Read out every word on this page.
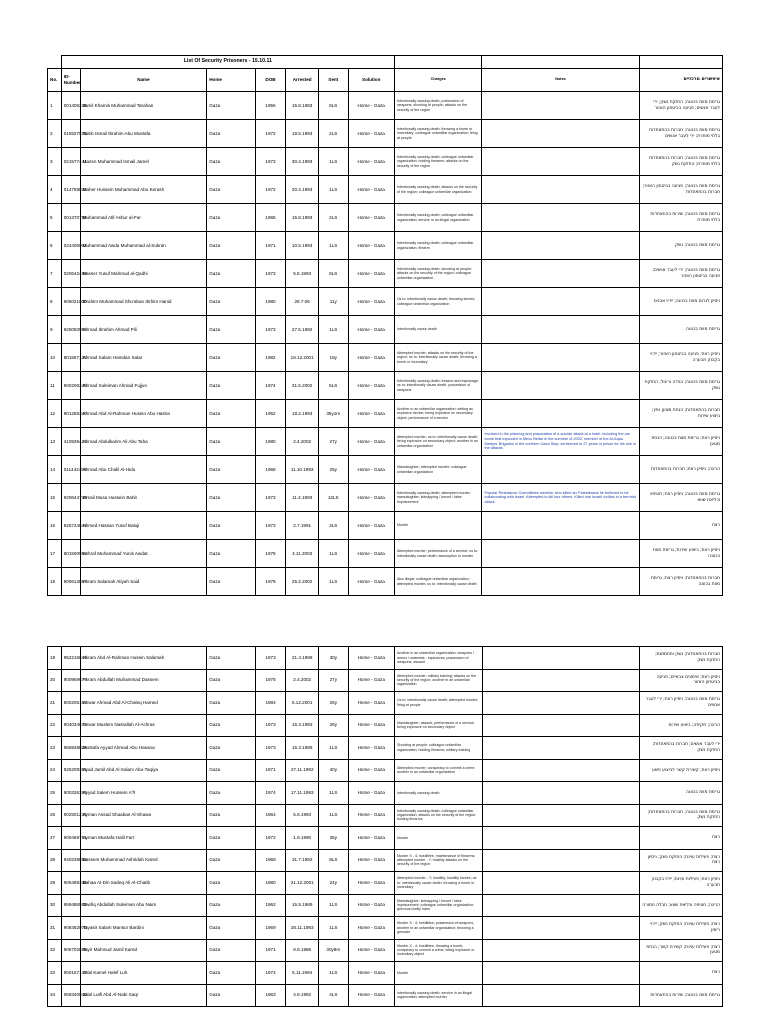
	List Of Security Prisoners - 15.10.11									
No.	ID-Number	Name	Home	DOB	Arrested	Sent	Solution	Charges	Notes	איפשרים מרכזיים
1	001406236	Jamil Khamis Muhammad Tarahan	Gaza	1956	15.8.1983	8LS	Home - Gaza	Intentionally causing death; possession of weapons; shooting at people; attacks on the security of the region		גרימת מוות בכוונה; החזקת נשק; ירי לעבר אנשים; פגיעה בביטחון האזור
2	015527535	Taleb Ismail Ibrahim Abu Mustafa	Gaza	1972	18.5.1993	2LS	Home - Gaza	Intentionally causing death; throwing a bomb or incendiary; colleague unfamiliar organization; firing at people		גרימת מוות בכוונה; חברות בהתאחדות בלתי מותרת; ירי לעבר אנשים
3	021577441	Mazen Muhammad Ismail Jamel	Gaza	1973	30.4.1993	1LS	Home - Gaza	Intentionally causing death; colleague unfamiliar organization; holding firearms; attacks on the security of the region		גרימת מוות בכוונה; חברות בהתאחדות בלתי מותרת; החזקת נשק
4	014759826	Maher Hussein Muhammad Abu Kerash	Gaza	1972	20.4.1993	1LS	Home - Gaza	Intentionally causing death; attacks on the security of the region; colleague unfamiliar organization		גרימת מוות בכוונה; פגיעה בביטחון האזור; חברות בהתאחדות
5	001370755	Muhammad Atif Ashur al-Far	Gaza	1965	15.8.1993	2LS	Home - Gaza	Intentionally causing death; colleague unfamiliar organization; service in an illegal organization		גרימת מוות בכוונה; שירות בהתאחדות בלתי מותרת
6	024405902	Muhammad Awda Muhammad al-Sukran	Gaza	1971	10.5.1993	1LS	Home - Gaza	Intentionally causing death; colleague unfamiliar organization; firearm		גרימת מוות בכוונה; נשק
7	020642460	Nasser Yusuf Mahmud al-Qadhi	Gaza	1973	5.6.1993	8LS	Home - Gaza	Intentionally causing death; shooting at people; attacks on the security of the region; colleague unfamiliar organization		גרימת מוות בכוונה; ירי לעבר אנשים; פגיעה בביטחון האזור
8	905021800	Ibrahim Muhammad Shu'aban Ibrhim Hanid	Gaza	1980	28.7.06	11y	Home - Gaza	Us to: intentionally cause death; throwing stones; colleague unfamiliar organization		ניסיון לגרום מוות בכוונה; יידוי אבנים
9	925050996	Ahmad Ibrahim Ahmad Pili	Gaza	1973	27.5.1992	1LS	Home - Gaza	Intentionally cause death		גרימת מוות בכוונה
10	901567135	Ahmad Salam Hamdan Salar	Gaza	1982	18.12.2001	18y	Home - Gaza	Attempted murder; attacks on the security of the region; us to: intentionally cause death; throwing a bomb or incendiary		ניסיון רצח; פגיעה בביטחון האזור; יידוי בקבוק תבערה
11	900206245	Ahmad Suleiman Ahmad Fujjun	Gaza	1974	31.5.2002	5LS	Home - Gaza	Intentionally causing death; treason and espionage; us to: intentionally cause death; possession of weapons		גרימת מוות בכוונה; בגידה וריגול; החזקת נשק
12	901285340	Ahmad Abd Al-Rahman Husein Abu Hasira	Gaza	1952	18.2.1993	35y1m	Home - Gaza	Another in an unfamiliar organization; setting an explosive device; being explosive on secondary object; performance of a service		חברות בהתאחדות; הנחת מטען נפץ; ביצוע שירות
13	410938421	Ahmad Abdulkarim Ali Abu Taha	Gaza	1980	2.4.2002	27y	Home - Gaza	Attempted murder; us to: intentionally cause death; being explosive on secondary object; another in an unfamiliar organization	Involved in the planning and preparation of a suicide attack at a hotel; including the car bomb that exploded in Mevo Beitar in the summer of 2002; member of the Al-Aqsa Martyrs' Brigades in the northern Gaza Strip; sentenced to 27 years in prison for his role in the attacks	ניסיון רצח; גרימת מוות בכוונה; הנחת מטען
14	011442450	Ahmad Abu Chalil Al-Hidu	Gaza	1969	11.10.1993	25y	Home - Gaza	Manslaughter; attempted murder; colleague unfamiliar organization		הריגה; ניסיון רצח; חברות בהתאחדות
15	920644739	Ismail Musa Hussein Bahit	Gaza	1973	11.4.1993	12LS	Home - Gaza	Intentionally causing death; attempted murder; manslaughter; kidnapping / forced / false imprisonment	Popular Resistance Committees member who killed six Palestinians he believed to be collaborating with Israel. Attempted to kill four others. Killed one Israeli civilian in a terrorist attack.	גרימת מוות בכוונה; ניסיון רצח; חטיפה וכליאת שווא
16	925724841	Ahmed Hassan Yusuf Baluji	Gaza	1973	2.7.1991	3LS	Home - Gaza	Murder		רצח
17	901500952	Ashraf Muhammad Yunis Awdat	Gaza	1979	4.11.2003	1LS	Home - Gaza	Attempted murder; performance of a service; us to: intentionally cause death; assumption to murder		ניסיון רצח; ביצוע שירות; גרימת מוות בכוונה
18	900613867	Akram Salamah Aliyah Said	Gaza	1979	25.2.2002	1LS	Home - Gaza	Also illegal; colleague unfamiliar organization; attempted murder; us to: intentionally cause death		חברות בהתאחדות; ניסיון רצח; גרימת מוות בכוונה
19	952216844	Akram Abd Al-Rahman Husein Salamah	Gaza	1973	21.4.1998	30y	Home - Gaza	Another in an unfamiliar organization; weapons / ammo / materials - explosives; possession of weapons; assault		חברות בהתאחדות; נשק ותחמושת; החזקת נשק
20	900959677	Akram Abdullah Muhammad Dassem	Gaza	1976	2.4.2002	27y	Home - Gaza	Attempted murder; military training; attacks on the security of the region; another in an unfamiliar organization		ניסיון רצח; אימונים צבאיים; פגיעה בביטחון האזור
21	800205163	Anwar Ahmad Abd Al-Chaleq Hamed	Gaza	1984	5.12.2001	26y	Home - Gaza	Us to: intentionally cause death; attempted murder; firing at people		גרימת מוות בכוונה; ניסיון רצח; ירי לעבר אנשים
22	904034673	Anwar Muslem Nasrallah Al-Achras	Gaza	1973	16.3.1993	26y	Home - Gaza	Manslaughter; assault; performance of a service; being explosive on secondary object		הריגה; תקיפה; ביצוע שירות
23	955948826	Mustafa Ayyad Ahmad Abu Hasana	Gaza	1973	15.3.1989	1LS	Home - Gaza	Shooting at people; colleague unfamiliar organization; holding firearms; military training		ירי לעבר אנשים; חברות בהתאחדות; החזקת נשק
24	925209355	Ayad Jamil Abd Al-Salam Abu-Taqiya	Gaza	1971	27.11.1992	40y	Home - Gaza	Attempted murder; conspiracy to commit a crime; another in an unfamiliar organization		ניסיון רצח; קשירת קשר לביצוע פשע
25	900326395	Ayyad Salem Hussein A'fr	Gaza	1974	17.11.1993	1LS	Home - Gaza	Intentionally causing death		גרימת מוות בכוונה
26	902501236	Ayman Assad Shaaban Al-Shawa	Gaza	1964	5.6.1993	1LS	Home - Gaza	Intentionally causing death; colleague unfamiliar organization; attacks on the security of the region; holding firearms		גרימת מוות בכוונה; חברות בהתאחדות; החזקת נשק
27	900469751	Ayman Mustafa Halil Farr	Gaza	1972	1.6.1990	35y	Home - Gaza	Murder		רצח
28	940238853	Bassem Muhammad Ashridah Kared	Gaza	1968	31.7.1992	8LS	Home - Gaza	Murder X - 4; hostilities; maintenance of firearms; attempted murder - Y; hostility attacks on the security of the region		רצח; פעילות עוינת; החזקת נשק; ניסיון רצח
29	905469336	Bahaa Al-Din Sadeq Ali Al-Chatib	Gaza	1980	21.12.2001	24y	Home - Gaza	Attempted murder - Y; hostility; hostility stones; us to: intentionally cause death; throwing a bomb or incendiary		ניסיון רצח; פעילות עוינת; יידוי בקבוק תבערה
30	959486592	Tawfiq Abdallah Suleiman Abu Naim	Gaza	1962	15.5.1989	1LS	Home - Gaza	Manslaughter; kidnapping / forced / false imprisonment; colleague unfamiliar organization; grievous bodily harm		הריגה; חטיפה וכליאת שווא; חבלה חמורה
31	908462070	Tayasir Salam Mansur Bardini	Gaza	1969	28.11.1993	1LS	Home - Gaza	Murder X - 4; hostilities; possession of weapons; another in an unfamiliar organization; throwing a grenade		רצח; פעילות עוינת; החזקת נשק; יידוי רימון
32	905702695	Tayir Mahmud Jamil Kared	Gaza	1971	8.8.1986	30y8m	Home - Gaza	Murder X - 4; hostilities; throwing a bomb; conspiracy to commit a crime; being explosive or incendiary object		רצח; פעילות עוינת; קשירת קשר; הנחת מטען
33	900157147	Jalal Kamel Halef Luh	Gaza	1974	5.11.1994	1LS	Home - Gaza	Murder		רצח
34	059340940	Jalal Lutfi Abd Al-Nabi Saqr	Gaza	1963	4.8.1992	4LS	Home - Gaza	Intentionally causing death; service in an illegal organization; attempted murder		גרימת מוות בכוונה; שירות בהתאחדות
